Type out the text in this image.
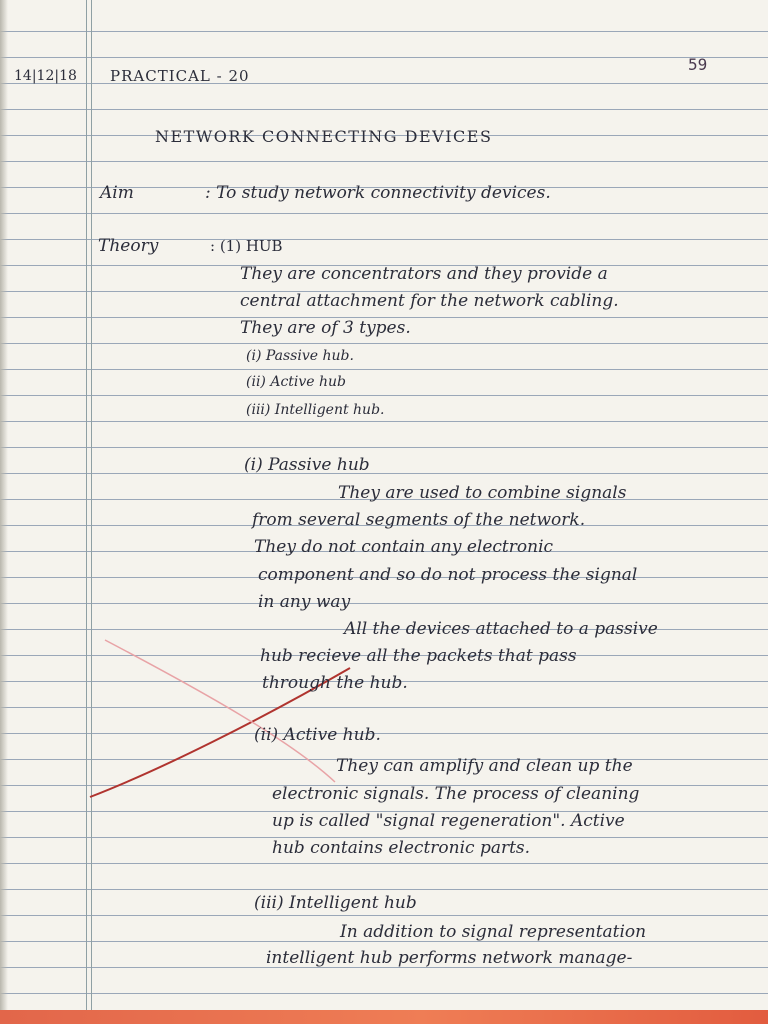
59
14|12|18 PRACTICAL - 20
NETWORK CONNECTING DEVICES
Aim	: To study network connectivity devices.
Theory	: (1) HUB
They are concentrators and they provide a
central attachment for the network cabling.
They are of 3 types.
(i) Passive hub.
(ii) Active hub
(iii) Intelligent hub.
(i) Passive hub
They are used to combine signals
from several segments of the network.
They do not contain any electronic
component and so do not process the signal
in any way
All the devices attached to a passive
hub recieve all the packets that pass
through the hub.
(ii) Active hub.
They can amplify and clean up the
electronic signals. The process of cleaning
up is called "signal regeneration". Active
hub contains electronic parts.
(iii) Intelligent hub
In addition to signal representation
intelligent hub performs network manage-
